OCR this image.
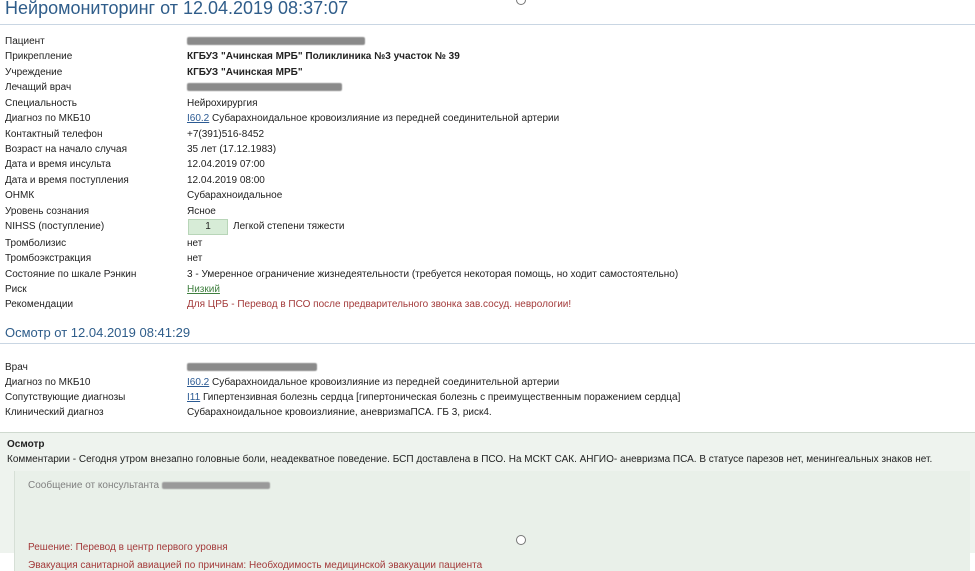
Нейромониторинг от 12.04.2019 08:37:07
Пациент
Прикрепление	КГБУЗ "Ачинская МРБ" Поликлиника №3 участок № 39
Учреждение	КГБУЗ "Ачинская МРБ"
Лечащий врач
Специальность	Нейрохирургия
Диагноз по МКБ10	I60.2 Субарахноидальное кровоизлияние из передней соединительной артерии
Контактный телефон	+7(391)516-8452
Возраст на начало случая	35 лет (17.12.1983)
Дата и время инсульта	12.04.2019 07:00
Дата и время поступления	12.04.2019 08:00
ОНМК	Субарахноидальное
Уровень сознания	Ясное
NIHSS (поступление)	1	Легкой степени тяжести
Тромболизис	нет
Тромбоэкстракция	нет
Состояние по шкале Рэнкин	3 - Умеренное ограничение жизнедеятельности (требуется некоторая помощь, но ходит самостоятельно)
Риск	Низкий
Рекомендации	Для ЦРБ - Перевод в ПСО после предварительного звонка зав.сосуд. неврологии!
Осмотр от 12.04.2019 08:41:29
Врач
Диагноз по МКБ10	I60.2 Субарахноидальное кровоизлияние из передней соединительной артерии
Сопутствующие диагнозы	I11 Гипертензивная болезнь сердца [гипертоническая болезнь с преимущественным поражением сердца]
Клинический диагноз	Субарахноидальное кровоизлияние, аневризмаПСА. ГБ 3, риск4.
Осмотр
Комментарии - Сегодня утром внезапно головные боли, неадекватное поведение. БСП доставлена в ПСО. На МСКТ САК. АНГИО- аневризма ПСА. В статусе парезов нет, менингеальных знаков нет.
Сообщение от консультанта
Решение: Перевод в центр первого уровня
Эвакуация санитарной авиацией по причинам: Необходимость медицинской эвакуации пациента
